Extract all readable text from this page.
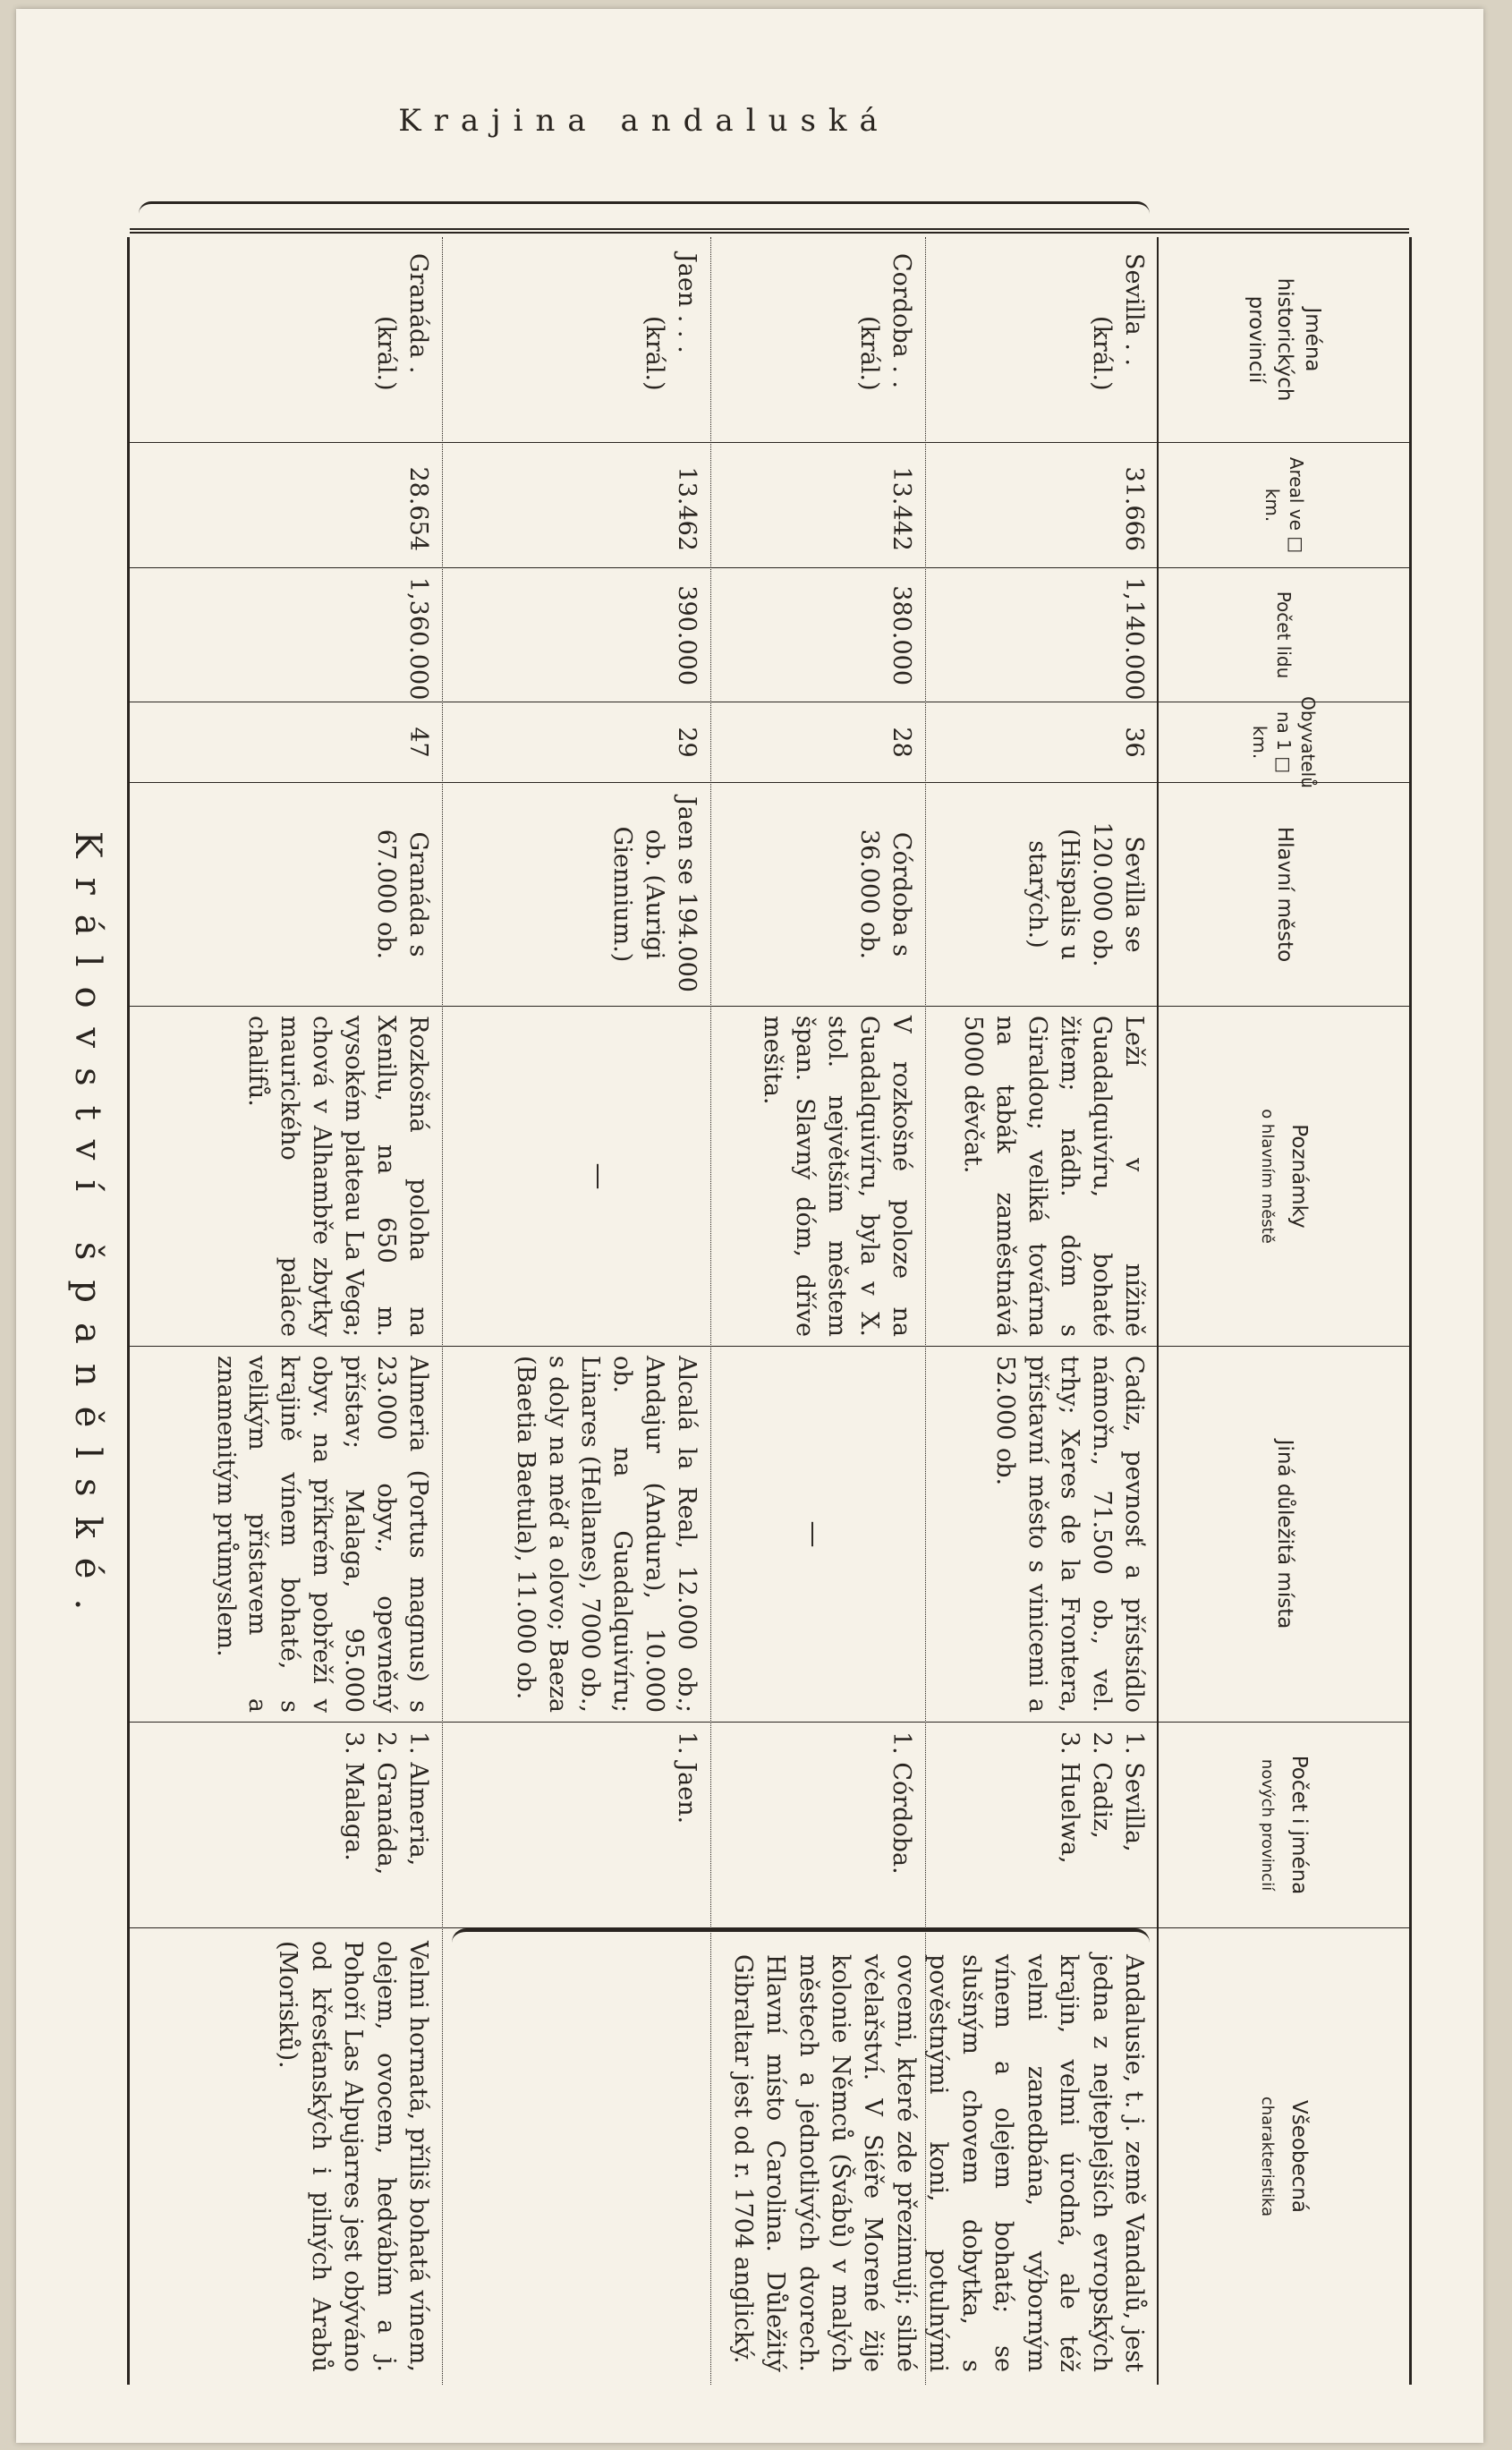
Království španělské.
Krajina andaluská
Jména historických provincií
Areal ve □ km.
Počet lidu
Obyvatelů na 1 □ km.
Hlavní město
Poznámky
o hlavním městě
Jiná důležitá místa
Počet i jména
nových provincií
Všeobecná
charakteristika
Sevilla . .
(král.)
31.666
1,140.000
36
Sevilla se 120.000 ob. (Hispalis u starých.)
Leží v nížině Guadalquivíru, bohaté žitem; nádh. dóm s Giraldou; veliká továrna na tabák zaměstnává 5000 děvčat.
Cadiz, pevnosť a přístsídlo námořn., 71.500 ob., vel. trhy; Xeres de la Frontera, přístavní město s vinicemi a 52.000 ob.
1. Sevilla,
2. Cadiz,
3. Huelwa,
Cordoba . .
(král.)
13.442
380.000
28
Córdoba s 36.000 ob.
V rozkošné poloze na Guadalquivíru, byla v X. stol. největším městem špan. Slavný dóm, dříve mešita.
—
1. Córdoba.
Jaen . . .
(král.)
13.462
390.000
29
Jaen se 194.000 ob. (Aurigi Giennium.)
—
Alcalá la Real, 12.000 ob.; Andajur (Andura), 10.000 ob. na Guadalquivíru; Linares (Hellanes), 7000 ob., s doly na měď a olovo; Baeza (Baetia Baetula), 11.000 ob.
1. Jaen.
Granáda .
(král.)
28.654
1,360.000
47
Granáda s 67.000 ob.
Rozkošná poloha na Xenilu, na 650 m. vysokém plateau La Vega; chová v Alhambře zbytky maurického paláce chalifů.
Almeria (Portus magnus) s 23.000 obyv., opevněný přístav; Malaga, 95.000 obyv. na příkrém pobřeží v krajině vínem bohaté, s velikým přístavem a znamenitým průmyslem.
1. Almeria,
2. Granáda,
3. Malaga.
Velmi hornatá, příliš bohatá vínem, olejem, ovocem, hedvábím a j. Pohoří Las Alpujarres jest obýváno od křesťanských i pilných Arabů (Morisků).	Andalusie, t. j. země Vandalů, jest jedna z nejteplejších evropských krajin, velmi úrodná, ale též velmi zanedbána, výborným vínem a olejem bohatá; se slušným chovem dobytka, s pověstnými koni, potulnými ovcemi, které zde přezimují; silné včelařství. V Siéře Morené žije kolonie Němců (Švábů) v malých městech a jednotlivých dvorech. Hlavní místo Carolina. Důležitý Gibraltar jest od r. 1704 anglický.
